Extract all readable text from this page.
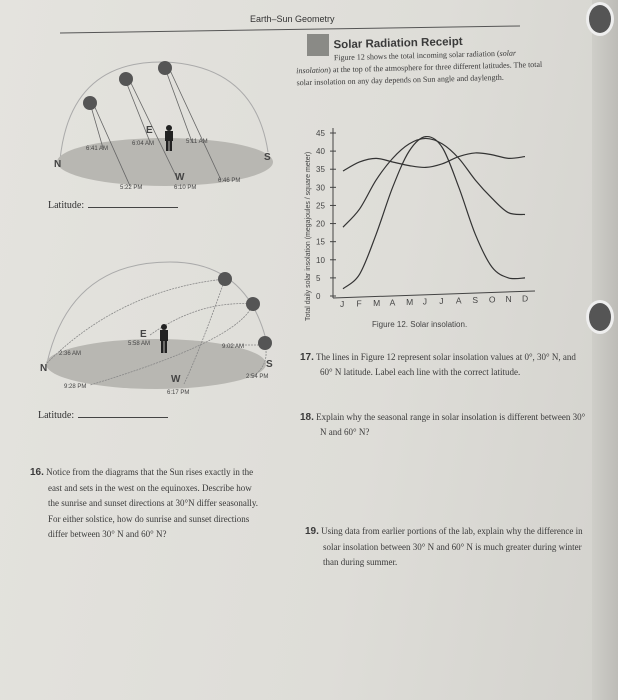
Earth–Sun Geometry
N
S
E
W
6:41 AM
6:04 AM	5:11 AM
5:22 PM	6:10 PM
6:46 PM
N	S
E
W
2:36 AM
5:58 AM	9:02 AM
9:28 PM
6:17 PM
2:54 PM
Total daily solar insolation (megajoules / square meter) 0
5
10
15
20
25
30
35
40
45
J F M A M J J A S O N D
Figure 12. Solar insolation.
Solar Radiation Receipt
Figure 12 shows the total incoming solar radiation (solar insolation) at the top of the atmosphere for three different latitudes. The total solar insolation on any day depends on Sun angle and daylength.
Latitude:
Latitude:
17. The lines in Figure 12 represent solar insolation values at 0°, 30° N, and 60° N latitude. Label each line with the correct latitude.
18. Explain why the seasonal range in solar insolation is different between 30° N and 60° N?
16. Notice from the diagrams that the Sun rises exactly in the east and sets in the west on the equinoxes. Describe how the sunrise and sunset directions at 30°N differ seasonally. For either solstice, how do sunrise and sunset directions differ between 30° N and 60° N?	19. Using data from earlier portions of the lab, explain why the difference in solar insolation between 30° N and 60° N is much greater during winter than during summer.
